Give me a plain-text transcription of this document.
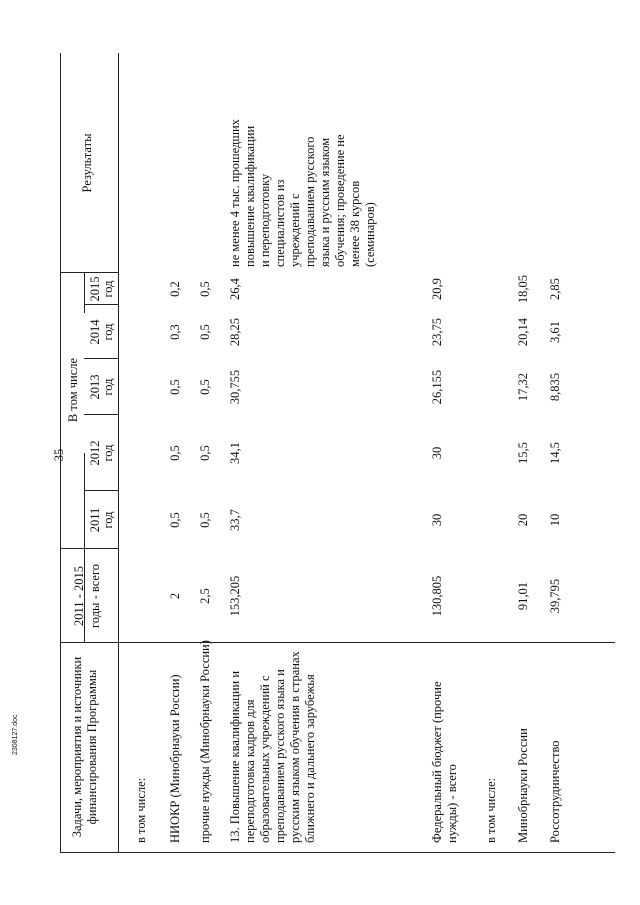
35
Задачи, мероприятия и источники финансирования Программы
2011 - 2015 годы - всего
В том числе
Результаты
2011 год
2012 год
2013 год
2014 год
2015 год
в том числе: НИОКР (Минобрнауки России)
2
0,5
0,5
0,5
0,3
0,2
прочие нужды (Минобрнауки России)
2,5
0,5
0,5
0,5
0,5
0,5
13. Повышение квалификации и переподготовка кадров для образовательных учреждений с преподаванием русского языка и русским языком обучения в странах ближнего и дальнего зарубежья
153,205
33,7
34,1
30,755
28,25
26,4
не менее 4 тыс. прошедших повышение квалификации и переподготовку специалистов из учреждений с преподаванием русского языка и русским языком обучения; проведение не менее 38 курсов (семинаров)
Федеральный бюджет (прочие нужды) - всего
130,805
30
30
26,155
23,75
20,9
в том числе: Минобрнауки России
91,01
20
15,5
17,32
20,14
18,05
Россотрудничество
39,795
10
14,5
8,835
3,61
2,85
2308127.doc
